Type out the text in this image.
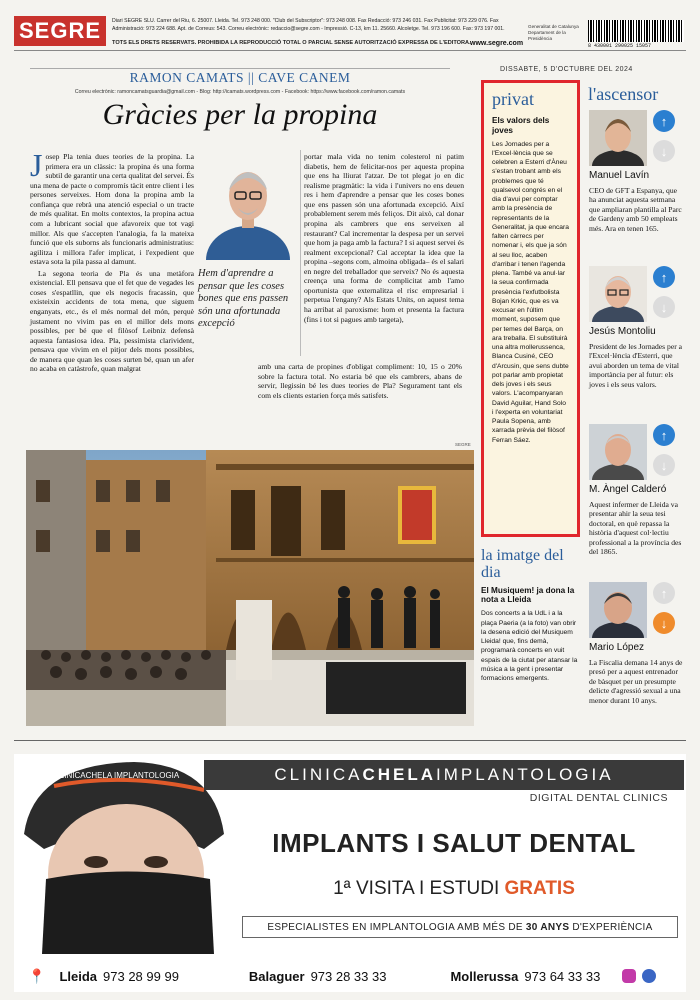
SEGRE	Diari SEGRE SLU. Carrer del Riu, 6. 25007. Lleida. Tel. 973 248 000. "Club del Subscriptor": 973 248 008. Fax Redacció: 973 246 031. Fax Publicitat: 973 229 076. Fax
Administració: 973 224 688. Apt. de Correus: 543. Correu electrònic: redaccio@segre.com - Impressió. C-13, km 11. 25660. Alcoletge. Tel. 973 196 600. Fax: 973 197 001.
TOTS ELS DRETS RESERVATS. PROHIBIDA LA REPRODUCCIÓ TOTAL O PARCIAL SENSE AUTORITZACIÓ EXPRESSA DE L'EDITORA. www.segre.com
Generalitat de Catalunya Departament de la Presidència
8 430001 290025 15057
DISSABTE, 5 D'OCTUBRE DEL 2024
RAMON CAMATS || CAVE CANEM
Correu electrònic: ramoncamatsguardia@gmail.com - Blog: http://icamats.wordpress.com - Facebook: https://www.facebook.com/ramon.camats
Gràcies per la propina
J osep Pla tenia dues teories de la propina. La primera era un clàssic: la propina és una forma subtil de garantir una certa qualitat del servei. És una mena de pacte o compromís tàcit entre client i les persones serveixes. Hom dona la propina amb la confiança que rebrà una atenció especial o un tracte de més qualitat. En molts contextos, la propina actua com a lubricant social que afavoreix que tot vagi millor. Als que s'accepten l'analogia, fa la mateixa funció que els suborns als funcionaris administratius: agilitza i millora l'afer implicat, i l'expedient que estava sota la pila passa al damunt.

La segona teoria de Pla és una metàfora existencial. Ell pensava que el fet que de vegades les coses s'espatllin, que els negocis fracassin, que existeixin accidents de tota mena, que siguem enganyats, etc., és el més normal del món, perquè justament no vivim pas en el millor dels mons possibles, per bé que el filòsof Leibniz defensà aquesta fantasiosa idea. Pla, pessimista clarivident, pensava que vivim en el pitjor dels mons possibles, de manera que quan les coses surten bé, quan un afer no acaba en catàstrofe, quan malgrat

Hem d'aprendre a pensar que les coses bones que ens passen són una afortunada excepció
portar mala vida no tenim colesterol ni patim diabetis, hem de felicitar-nos per aquesta propina que ens ha lliurat l'atzar. De tot plegat jo en dic realisme pragmàtic: la vida i l'univers no ens deuen res i hem d'aprendre a pensar que les coses bones que ens passen són una afortunada excepció. Així probablement serem més feliços. Dit això, cal donar propina als cambrers que ens serveixen al restaurant? Cal incrementar la despesa per un servei que hom ja paga amb la factura? I si aquest servei és realment excepcional? Cal acceptar la idea que la propina –segons com, almoina obligada– és el salari en negre del treballador que serveix? No és aquesta creença una forma de complicitat amb l'amo oportunista que externalitza el risc empresarial i perpetua l'engany? Als Estats Units, on aquest tema ha arribat al paroxisme: hom et presenta la factura (fins i tot si pagues amb targeta),
amb una carta de propines d'obligat compliment: 10, 15 o 20% sobre la factura total. No estaria bé que els cambrers, abans de servir, llegissin bé les dues teories de Pla? Segurament tant els com els clients estarien força més satisfets.
SEGRE
privat
Els valors dels joves
Les Jornades per a l'Excel·lència que se celebren a Esterri d'Àneu s'estan trobant amb els problemes que té qualsevol congrés en el dia d'avui per comptar amb la presència de representants de la Generalitat, ja que encara falten càrrecs per nomenar i, els que ja són al seu lloc, acaben d'arribar i tenen l'agenda plena. També va anul·lar la seua confirmada presència l'exfutbolista Bojan Krkic, que es va excusar en l'últim moment, suposem que per temes del Barça, on ara treballa. El substituirà una altra mollerussenca, Blanca Cusiné, CEO d'Arcusin, que sens dubte pot parlar amb propietat dels joves i els seus valors. L'acompanyaran David Aguilar, Hand Solo i l'experta en voluntariat Paula Sopena, amb xarrada prèvia del filòsof Ferran Sáez.
la imatge del dia
El Musiquem! ja dona la nota a Lleida
Dos concerts a la UdL i a la plaça Paeria (a la foto) van obrir la desena edició del Musiquem Lleida! que, fins demà, programarà concerts en vuit espais de la ciutat per atansar la música a la gent i presentar formacions emergents.
l'ascensor
↑
↓
Manuel Lavín
CEO de GFT a Espanya, que ha anunciat aquesta setmana que ampliaran plantilla al Parc de Gardeny amb 50 empleats més. Ara en tenen 165.
↑
↓
Jesús Montoliu
President de les Jornades per a l'Excel·lència d'Esterri, que avui aborden un tema de vital importància per al futur: els joves i els seus valors.
↑
↓
M. Àngel Calderó
Aquest infermer de Lleida va presentar ahir la seua tesi doctoral, en què repassa la història d'aquest col·lectiu professional a la província des del 1865.
↑
↓
Mario López
La Fiscalia demana 14 anys de presó per a aquest entrenador de bàsquet per un presumpte delicte d'agressió sexual a una menor durant 10 anys.
CLINICACHELA IMPLANTOLOGIA	CLINICA CHELA IMPLANTOLOGIA
DIGITAL DENTAL CLINICS
IMPLANTS I SALUT DENTAL
1ª VISITA I ESTUDI GRATIS
ESPECIALISTES EN IMPLANTOLOGIA AMB MÉS DE 30 ANYS D'EXPERIÈNCIA
📍 Lleida 973 28 99 99	Balaguer 973 28 33 33	Mollerussa 973 64 33 33
